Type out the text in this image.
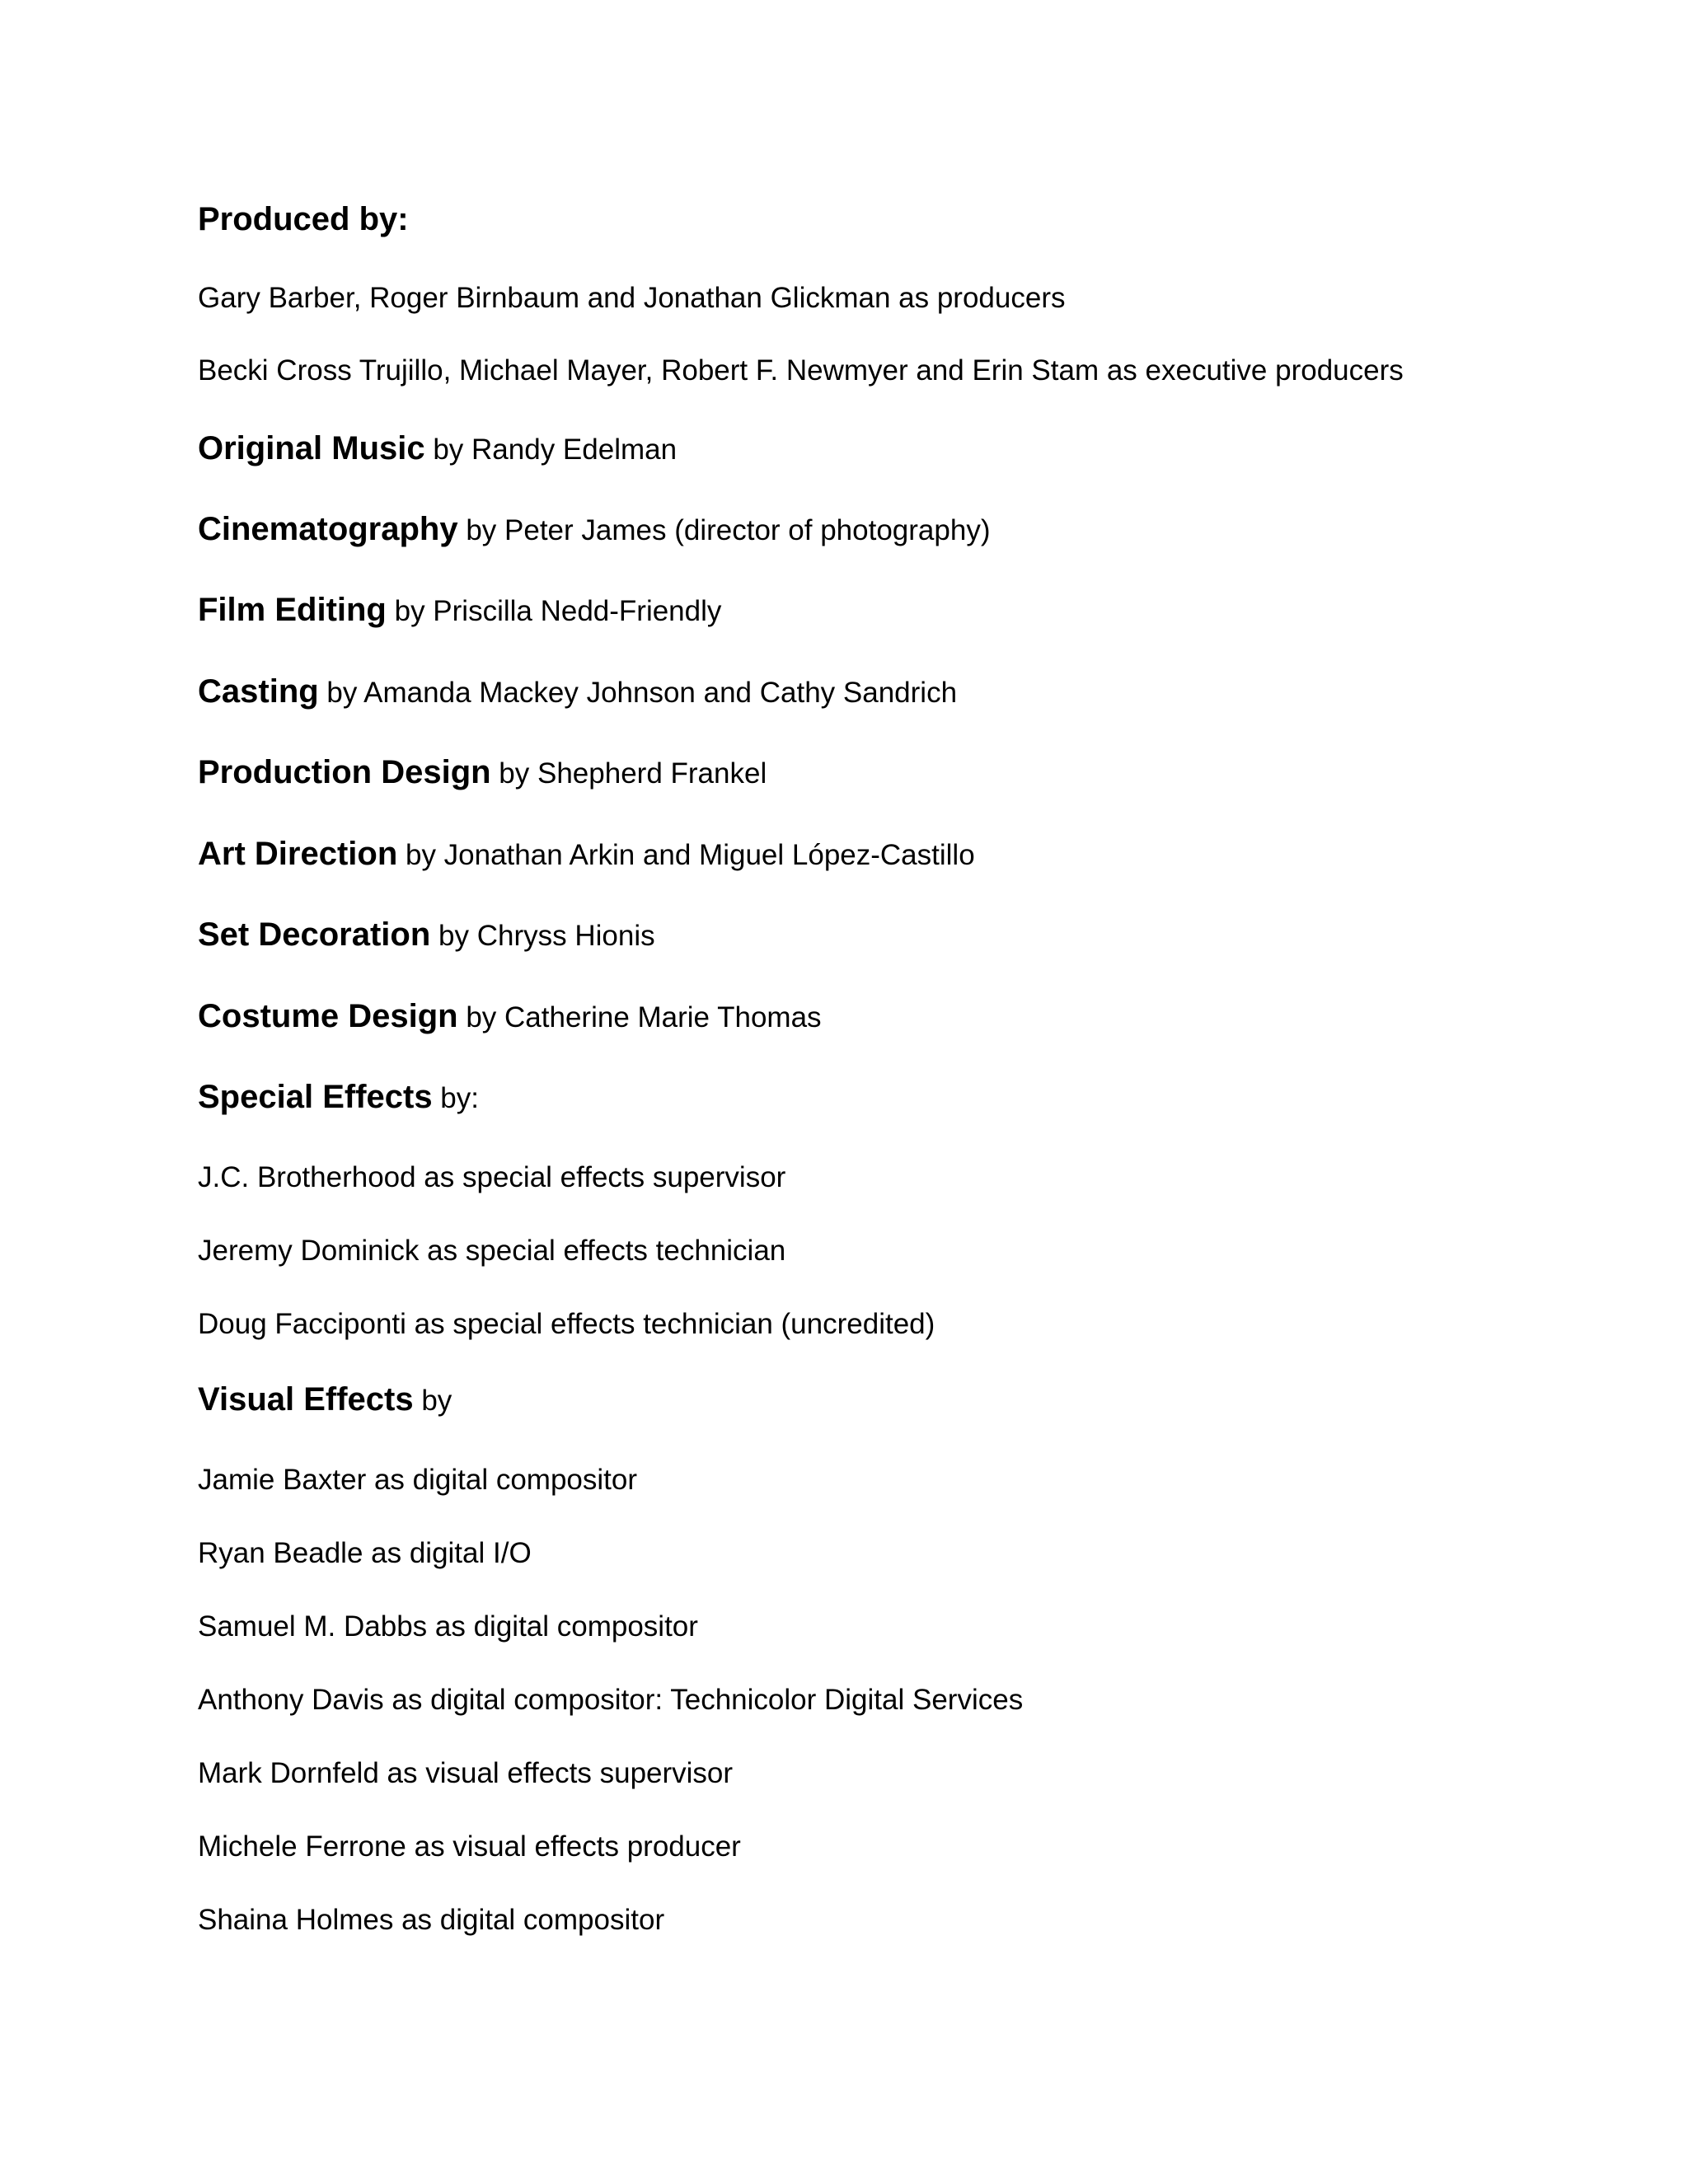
Produced by:
Gary Barber, Roger Birnbaum and Jonathan Glickman as producers
Becki Cross Trujillo, Michael Mayer, Robert F. Newmyer and Erin Stam as executive producers
Original Music by Randy Edelman
Cinematography by Peter James (director of photography)
Film Editing by Priscilla Nedd-Friendly
Casting by Amanda Mackey Johnson and Cathy Sandrich
Production Design by Shepherd Frankel
Art Direction by Jonathan Arkin and Miguel López-Castillo
Set Decoration by Chryss Hionis
Costume Design by Catherine Marie Thomas
Special Effects by:
J.C. Brotherhood as special effects supervisor
Jeremy Dominick as special effects technician
Doug Facciponti as special effects technician (uncredited)
Visual Effects by
Jamie Baxter as digital compositor
Ryan Beadle as digital I/O
Samuel M. Dabbs as digital compositor
Anthony Davis as digital compositor: Technicolor Digital Services
Mark Dornfeld as visual effects supervisor
Michele Ferrone as visual effects producer
Shaina Holmes as digital compositor
